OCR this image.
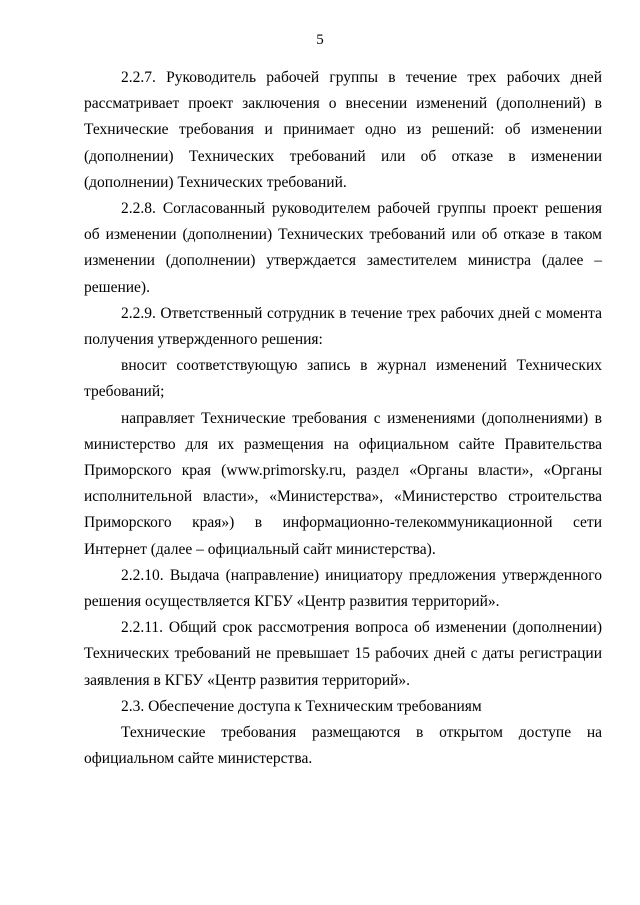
5

2.2.7. Руководитель рабочей группы в течение трех рабочих дней рассматривает проект заключения о внесении изменений (дополнений) в Технические требования и принимает одно из решений: об изменении (дополнении) Технических требований или об отказе в изменении (дополнении) Технических требований.

2.2.8. Согласованный руководителем рабочей группы проект решения об изменении (дополнении) Технических требований или об отказе в таком изменении (дополнении) утверждается заместителем министра (далее – решение).

2.2.9. Ответственный сотрудник в течение трех рабочих дней с момента получения утвержденного решения:

вносит соответствующую запись в журнал изменений Технических требований;

направляет Технические требования с изменениями (дополнениями) в министерство для их размещения на официальном сайте Правительства Приморского края (www.primorsky.ru, раздел «Органы власти», «Органы исполнительной власти», «Министерства», «Министерство строительства Приморского края») в информационно-телекоммуникационной сети Интернет (далее – официальный сайт министерства).

2.2.10. Выдача (направление) инициатору предложения утвержденного решения осуществляется КГБУ «Центр развития территорий».

2.2.11. Общий срок рассмотрения вопроса об изменении (дополнении) Технических требований не превышает 15 рабочих дней с даты регистрации заявления в КГБУ «Центр развития территорий».

2.3. Обеспечение доступа к Техническим требованиям

Технические требования размещаются в открытом доступе на официальном сайте министерства.
